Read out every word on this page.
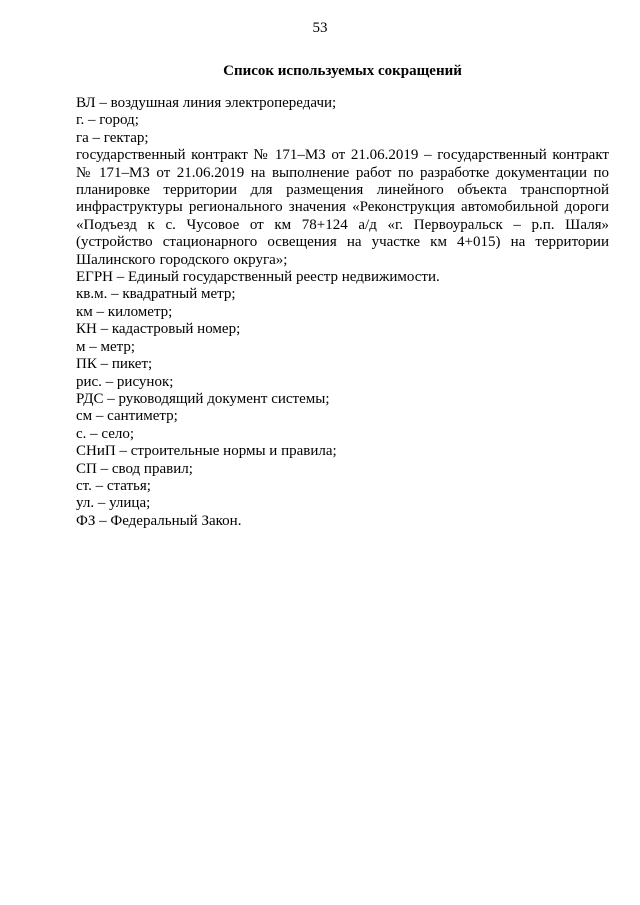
53
Список используемых сокращений
ВЛ – воздушная линия электропередачи;
г. – город;
га – гектар;
государственный контракт № 171–МЗ от 21.06.2019 – государственный контракт № 171–МЗ от 21.06.2019 на выполнение работ по разработке документации по планировке территории для размещения линейного объекта транспортной инфраструктуры регионального значения «Реконструкция автомобильной дороги «Подъезд к с. Чусовое от км 78+124 а/д «г. Первоуральск – р.п. Шаля» (устройство стационарного освещения на участке км 4+015) на территории Шалинского городского округа»;
ЕГРН – Единый государственный реестр недвижимости.
кв.м. – квадратный метр;
км – километр;
КН – кадастровый номер;
м – метр;
ПК – пикет;
рис. – рисунок;
РДС – руководящий документ системы;
см – сантиметр;
с. – село;
СНиП – строительные нормы и правила;
СП – свод правил;
ст. – статья;
ул. – улица;
ФЗ – Федеральный Закон.
